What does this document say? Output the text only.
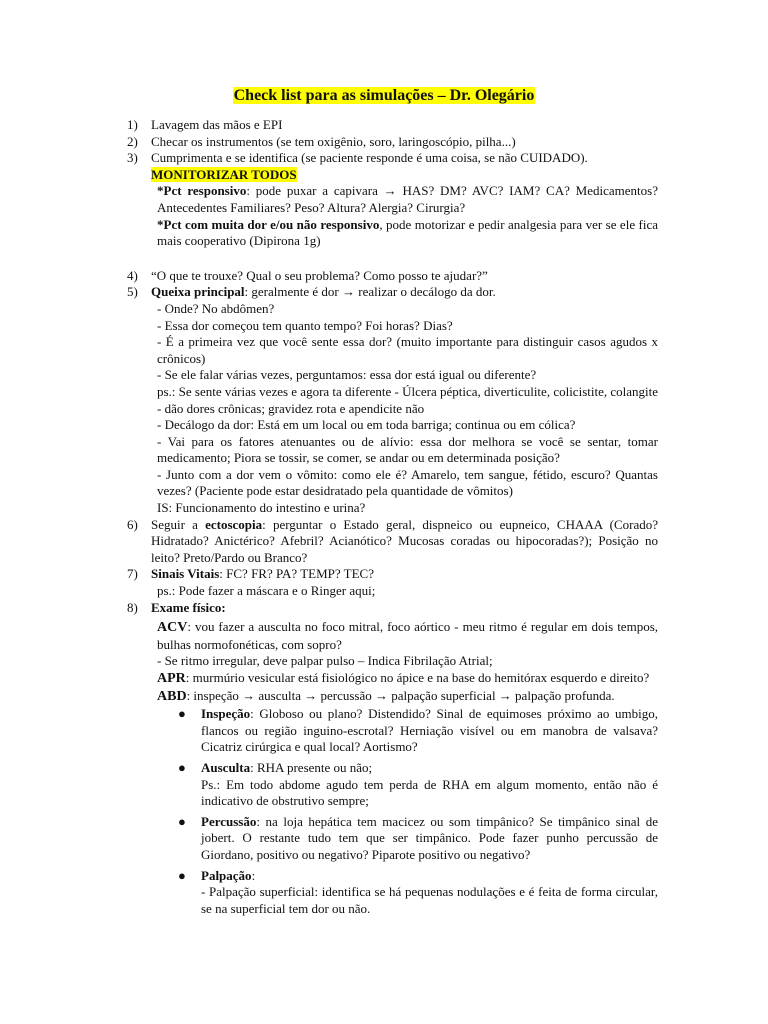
Check list para as simulações – Dr. Olegário
1) Lavagem das mãos e EPI
2) Checar os instrumentos (se tem oxigênio, soro, laringoscópio, pilha...)
3) Cumprimenta e se identifica (se paciente responde é uma coisa, se não CUIDADO).
MONITORIZAR TODOS
*Pct responsivo: pode puxar a capivara → HAS? DM? AVC? IAM? CA? Medicamentos? Antecedentes Familiares? Peso? Altura? Alergia? Cirurgia?
*Pct com muita dor e/ou não responsivo, pode motorizar e pedir analgesia para ver se ele fica mais cooperativo (Dipirona 1g)
4) “O que te trouxe? Qual o seu problema? Como posso te ajudar?”
5) Queixa principal: geralmente é dor → realizar o decálogo da dor.
- Onde? No abdômen?
- Essa dor começou tem quanto tempo? Foi horas? Dias?
- É a primeira vez que você sente essa dor? (muito importante para distinguir casos agudos x crônicos)
- Se ele falar várias vezes, perguntamos: essa dor está igual ou diferente?
ps.: Se sente várias vezes e agora ta diferente - Úlcera péptica, diverticulite, colicistite, colangite - dão dores crônicas; gravidez rota e apendicite não
- Decálogo da dor: Está em um local ou em toda barriga; continua ou em cólica?
- Vai para os fatores atenuantes ou de alívio: essa dor melhora se você se sentar, tomar medicamento; Piora se tossir, se comer, se andar ou em determinada posição?
- Junto com a dor vem o vômito: como ele é? Amarelo, tem sangue, fétido, escuro? Quantas vezes? (Paciente pode estar desidratado pela quantidade de vômitos)
IS: Funcionamento do intestino e urina?
6) Seguir a ectoscopia: perguntar o Estado geral, dispneico ou eupneico, CHAAA (Corado? Hidratado? Anictérico? Afebril? Acianótico? Mucosas coradas ou hipocoradas?); Posição no leito? Preto/Pardo ou Branco?
7) Sinais Vitais: FC? FR? PA? TEMP? TEC?
ps.: Pode fazer a máscara e o Ringer aqui;
8) Exame físico:
ACV: vou fazer a ausculta no foco mitral, foco aórtico - meu ritmo é regular em dois tempos, bulhas normofonéticas, com sopro?
- Se ritmo irregular, deve palpar pulso – Indica Fibrilação Atrial;
APR: murmúrio vesicular está fisiológico no ápice e na base do hemitórax esquerdo e direito?
ABD: inspeção → ausculta → percussão → palpação superficial → palpação profunda.
● Inspeção: Globoso ou plano? Distendido? Sinal de equimoses próximo ao umbigo, flancos ou região inguino-escrotal? Herniação visível ou em manobra de valsava? Cicatriz cirúrgica e qual local? Aortismo?
● Ausculta: RHA presente ou não;
Ps.: Em todo abdome agudo tem perda de RHA em algum momento, então não é indicativo de obstrutivo sempre;
● Percussão: na loja hepática tem macicez ou som timpânico? Se timpânico sinal de jobert. O restante tudo tem que ser timpânico. Pode fazer punho percussão de Giordano, positivo ou negativo? Piparote positivo ou negativo?
● Palpação:
- Palpação superficial: identifica se há pequenas nodulações e é feita de forma circular, se na superficial tem dor ou não.
